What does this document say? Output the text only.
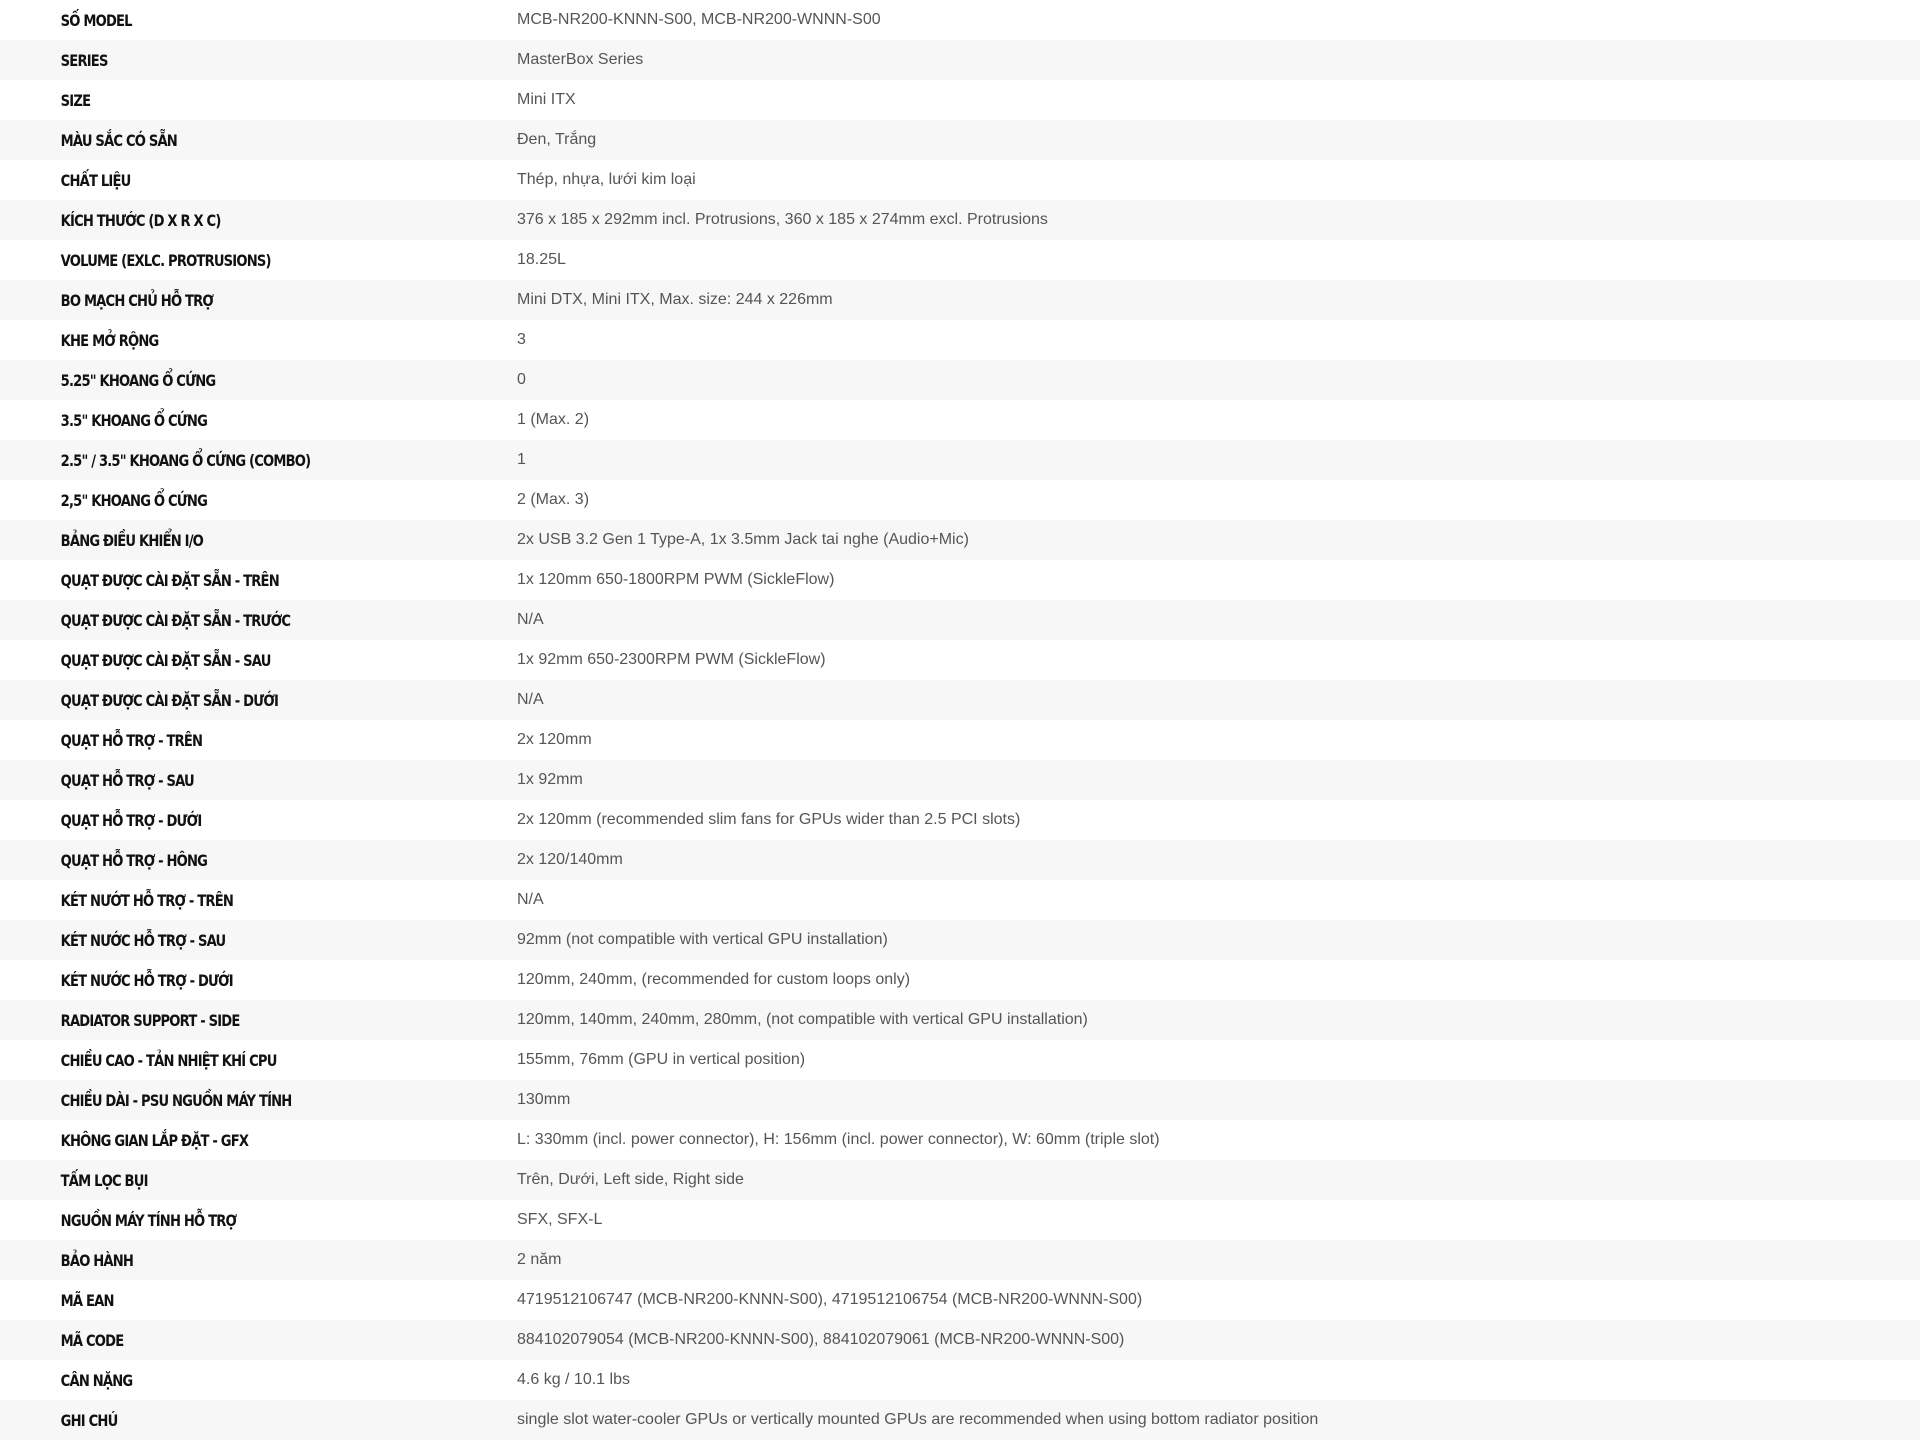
SỐ MODEL	MCB-NR200-KNNN-S00, MCB-NR200-WNNN-S00
SERIES	MasterBox Series
SIZE	Mini ITX
MÀU SẮC CÓ SẴN	Đen, Trắng
CHẤT LIỆU	Thép, nhựa, lưới kim loại
KÍCH THƯỚC (D X R X C)	376 x 185 x 292mm incl. Protrusions, 360 x 185 x 274mm excl. Protrusions
VOLUME (EXLC. PROTRUSIONS)	18.25L
BO MẠCH CHỦ HỖ TRỢ	Mini DTX, Mini ITX, Max. size: 244 x 226mm
KHE MỞ RỘNG	3
5.25" KHOANG Ổ CỨNG	0
3.5" KHOANG Ổ CỨNG	1 (Max. 2)
2.5" / 3.5" KHOANG Ổ CỨNG (COMBO)	1
2,5" KHOANG Ổ CỨNG	2 (Max. 3)
BẢNG ĐIỀU KHIỂN I/O	2x USB 3.2 Gen 1 Type-A, 1x 3.5mm Jack tai nghe (Audio+Mic)
QUẠT ĐƯỢC CÀI ĐẶT SẴN - TRÊN	1x 120mm 650-1800RPM PWM (SickleFlow)
QUẠT ĐƯỢC CÀI ĐẶT SẴN - TRƯỚC	N/A
QUẠT ĐƯỢC CÀI ĐẶT SẴN - SAU	1x 92mm 650-2300RPM PWM (SickleFlow)
QUẠT ĐƯỢC CÀI ĐẶT SẴN - DƯỚI	N/A
QUẠT HỖ TRỢ - TRÊN	2x 120mm
QUẠT HỖ TRỢ - SAU	1x 92mm
QUẠT HỖ TRỢ - DƯỚI	2x 120mm (recommended slim fans for GPUs wider than 2.5 PCI slots)
QUẠT HỖ TRỢ - HÔNG	2x 120/140mm
KÉT NƯỚT HỖ TRỢ - TRÊN	N/A
KÉT NƯỚC HỖ TRỢ - SAU	92mm (not compatible with vertical GPU installation)
KÉT NƯỚC HỖ TRỢ - DƯỚI	120mm, 240mm, (recommended for custom loops only)
RADIATOR SUPPORT - SIDE	120mm, 140mm, 240mm, 280mm, (not compatible with vertical GPU installation)
CHIỀU CAO - TẢN NHIỆT KHÍ CPU	155mm, 76mm (GPU in vertical position)
CHIỀU DÀI - PSU NGUỒN MÁY TÍNH	130mm
KHÔNG GIAN LẮP ĐẶT - GFX	L: 330mm (incl. power connector), H: 156mm (incl. power connector), W: 60mm (triple slot)
TẤM LỌC BỤI	Trên, Dưới, Left side, Right side
NGUỒN MÁY TÍNH HỖ TRỢ	SFX, SFX-L
BẢO HÀNH	2 năm
MÃ EAN	4719512106747 (MCB-NR200-KNNN-S00), 4719512106754 (MCB-NR200-WNNN-S00)
MÃ CODE	884102079054 (MCB-NR200-KNNN-S00), 884102079061 (MCB-NR200-WNNN-S00)
CÂN NẶNG	4.6 kg / 10.1 lbs
GHI CHÚ	single slot water-cooler GPUs or vertically mounted GPUs are recommended when using bottom radiator position
